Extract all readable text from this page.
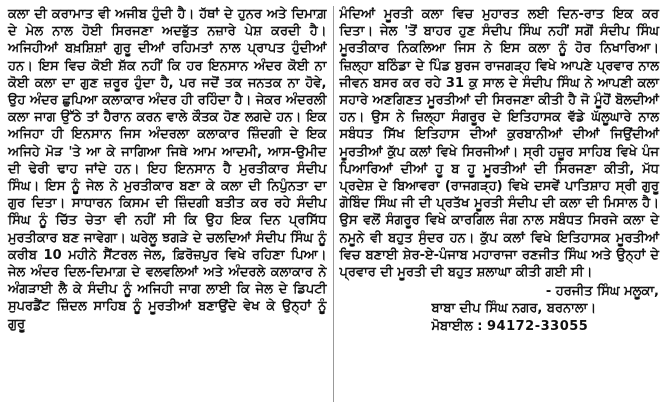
ਕਲਾ ਦੀ ਕਰਾਮਾਤ ਵੀ ਅਜੀਬ ਹੁੰਦੀ ਹੈ। ਹੱਥਾਂ ਦੇ ਹੁਨਰ ਅਤੇ ਦਿਮਾਗ਼ ਦੇ ਮੇਲ ਨਾਲ ਹੋਈ ਸਿਰਜਣਾ ਅਦਭੁੱਤ ਨਜ਼ਾਰੇ ਪੇਸ਼ ਕਰਦੀ ਹੈ। ਅਜਿਹੀਆਂ ਬਖ਼ਸ਼ਿਸ਼ਾਂ ਗੁਰੂ ਦੀਆਂ ਰਹਿਮਤਾਂ ਨਾਲ ਪ੍ਰਾਪਤ ਹੁੰਦੀਆਂ ਹਨ। ਇਸ ਵਿਚ ਕੋਈ ਸ਼ੱਕ ਨਹੀਂ ਕਿ ਹਰ ਇਨਸਾਨ ਅੰਦਰ ਕੋਈ ਨਾ ਕੋਈ ਕਲਾ ਦਾ ਗੁਣ ਜ਼ਰੂਰ ਹੁੰਦਾ ਹੈ, ਪਰ ਜਦੋਂ ਤਕ ਜਨਤਕ ਨਾ ਹੋਵੇ, ਉਹ ਅੰਦਰ ਛੁਪਿਆ ਕਲਾਕਾਰ ਅੰਦਰ ਹੀ ਰਹਿੰਦਾ ਹੈ। ਜੇਕਰ ਅੰਦਰਲੀ ਕਲਾ ਜਾਗ ਉੱਠੇ ਤਾਂ ਹੈਰਾਨ ਕਰਨ ਵਾਲੇ ਕੌਤਕ ਹੋਣ ਲਗਦੇ ਹਨ। ਇਕ ਅਜਿਹਾ ਹੀ ਇਨਸਾਨ ਜਿਸ ਅੰਦਰਲਾ ਕਲਾਕਾਰ ਜ਼ਿੰਦਗੀ ਦੇ ਇਕ ਅਜਿਹੇ ਮੋੜ 'ਤੇ ਆ ਕੇ ਜਾਗਿਆ ਜਿਥੇ ਆਮ ਆਦਮੀ, ਆਸ-ਉਮੀਦ ਦੀ ਢੇਰੀ ਢਾਹ ਜਾਂਦੇ ਹਨ। ਇਹ ਇਨਸਾਨ ਹੈ ਮੁਰਤੀਕਾਰ ਸੰਦੀਪ ਸਿੰਘ। ਇਸ ਨੂੰ ਜੇਲ ਨੇ ਮੁਰਤੀਕਾਰ ਬਣਾ ਕੇ ਕਲਾ ਦੀ ਨਿਪੁੰਨਤਾ ਦਾ ਗੁਰ ਦਿਤਾ। ਸਾਧਾਰਨ ਕਿਸਮ ਦੀ ਜ਼ਿੰਦਗੀ ਬਤੀਤ ਕਰ ਰਹੇ ਸੰਦੀਪ ਸਿੰਘ ਨੂੰ ਚਿੱਤ ਚੇਤਾ ਵੀ ਨਹੀਂ ਸੀ ਕਿ ਉਹ ਇਕ ਦਿਨ ਪ੍ਰਸਿੱਧ ਮੁਰਤੀਕਾਰ ਬਣ ਜਾਵੇਗਾ। ਘਰੇਲੂ ਝਗੜੇ ਦੇ ਚਲਦਿਆਂ ਸੰਦੀਪ ਸਿੰਘ ਨੂੰ ਕਰੀਬ 10 ਮਹੀਨੇ ਸੈਂਟਰਲ ਜੇਲ, ਫ਼ਿਰੋਜ਼ਪੁਰ ਵਿਖੇ ਰਹਿਣਾ ਪਿਆ। ਜੇਲ ਅੰਦਰ ਦਿਲ-ਦਿਮਾਗ਼ ਦੇ ਵਲਵਲਿਆਂ ਅਤੇ ਅੰਦਰਲੇ ਕਲਾਕਾਰ ਨੇ ਅੰਗੜਾਈ ਲੈ ਕੇ ਸੰਦੀਪ ਨੂੰ ਅਜਿਹੀ ਜਾਗ ਲਾਈ ਕਿ ਜੇਲ ਦੇ ਡਿਪਟੀ ਸੁਪਰਡੈਂਟ ਜ਼ਿੰਦਲ ਸਾਹਿਬ ਨੂੰ ਮੂਰਤੀਆਂ ਬਣਾਉਂਦੇ ਵੇਖ ਕੇ ਉਨ੍ਹਾਂ ਨੂੰ ਗੁਰੂ

ਮੰਦਿਆਂ ਮੂਰਤੀ ਕਲਾ ਵਿਚ ਮੁਹਾਰਤ ਲਈ ਦਿਨ-ਰਾਤ ਇਕ ਕਰ ਦਿਤਾ। ਜੇਲ 'ਤੋਂ ਬਾਹਰ ਹੁਣ ਸੰਦੀਪ ਸਿੰਘ ਨਹੀਂ ਸਗੋਂ ਸੰਦੀਪ ਸਿੰਘ ਮੂਰਤੀਕਾਰ ਨਿਕਲਿਆ ਜਿਸ ਨੇ ਇਸ ਕਲਾ ਨੂੰ ਹੋਰ ਨਿਖਾਰਿਆ। ਜ਼ਿਲ੍ਹਾ ਬਠਿੰਡਾ ਦੇ ਪਿੰਡ ਬੁਰਜ ਰਾਜਗੜ੍ਹ ਵਿਖੇ ਆਪਣੇ ਪ੍ਰਵਾਰ ਨਾਲ ਜੀਵਨ ਬਸਰ ਕਰ ਰਹੇ 31 ਕੁ ਸਾਲ ਦੇ ਸੰਦੀਪ ਸਿੰਘ ਨੇ ਆਪਣੀ ਕਲਾ ਸਹਾਰੇ ਅਣਗਿਣਤ ਮੂਰਤੀਆਂ ਦੀ ਸਿਰਜਣਾ ਕੀਤੀ ਹੈ ਜੋ ਮੂੰਹੋਂ ਬੋਲਦੀਆਂ ਹਨ। ਉਸ ਨੇ ਜ਼ਿਲ੍ਹਾ ਸੰਗਰੂਰ ਦੇ ਇਤਿਹਾਸਕ ਵੱਡੇ ਘੱਲੂਘਾਰੇ ਨਾਲ ਸਬੰਧਤ ਸਿੱਖ ਇਤਿਹਾਸ ਦੀਆਂ ਕੁਰਬਾਨੀਆਂ ਦੀਆਂ ਜਿਉਂਦੀਆਂ ਮੂਰਤੀਆਂ ਕੁੱਪ ਕਲਾਂ ਵਿਖੇ ਸਿਰਜੀਆਂ। ਸ੍ਰੀ ਹਜ਼ੂਰ ਸਾਹਿਬ ਵਿਖੇ ਪੰਜ ਪਿਆਰਿਆਂ ਦੀਆਂ ਹੂ ਬ ਹੂ ਮੂਰਤੀਆਂ ਦੀ ਸਿਰਜਣਾ ਕੀਤੀ, ਮੱਧ ਪ੍ਰਦੇਸ਼ ਦੇ ਬਿਆਵਰਾ (ਰਾਜਗੜ੍ਹ) ਵਿਖੇ ਦਸਵੇਂ ਪਾਤਿਸ਼ਾਹ ਸ੍ਰੀ ਗੁਰੂ ਗੋਬਿੰਦ ਸਿੰਘ ਜੀ ਦੀ ਪ੍ਰਤੱਖ ਮੂਰਤੀ ਸੰਦੀਪ ਦੀ ਕਲਾ ਦੀ ਮਿਸਾਲ ਹੈ। ਉਸ ਵਲੋਂ ਸੰਗਰੂਰ ਵਿਖੇ ਕਾਰਗਿਲ ਜੰਗ ਨਾਲ ਸਬੰਧਤ ਸਿਰਜੇ ਕਲਾ ਦੇ ਨਮੂਨੇ ਵੀ ਬਹੁਤ ਸੁੰਦਰ ਹਨ। ਕੁੱਪ ਕਲਾਂ ਵਿਖੇ ਇਤਿਹਾਸਕ ਮੂਰਤੀਆਂ ਵਿਚ ਬਣਾਈ ਸ਼ੇਰ-ਏ-ਪੰਜਾਬ ਮਹਾਰਾਜਾ ਰਣਜੀਤ ਸਿੰਘ ਅਤੇ ਉਨ੍ਹਾਂ ਦੇ ਪ੍ਰਵਾਰ ਦੀ ਮੂਰਤੀ ਦੀ ਬਹੁਤ ਸ਼ਲਾਘਾ ਕੀਤੀ ਗਈ ਸੀ।

- ਹਰਜੀਤ ਸਿੰਘ ਮਲੂਕਾ,
ਬਾਬਾ ਦੀਪ ਸਿੰਘ ਨਗਰ, ਬਰਨਾਲਾ।
ਮੋਬਾਈਲ : 94172-33055
